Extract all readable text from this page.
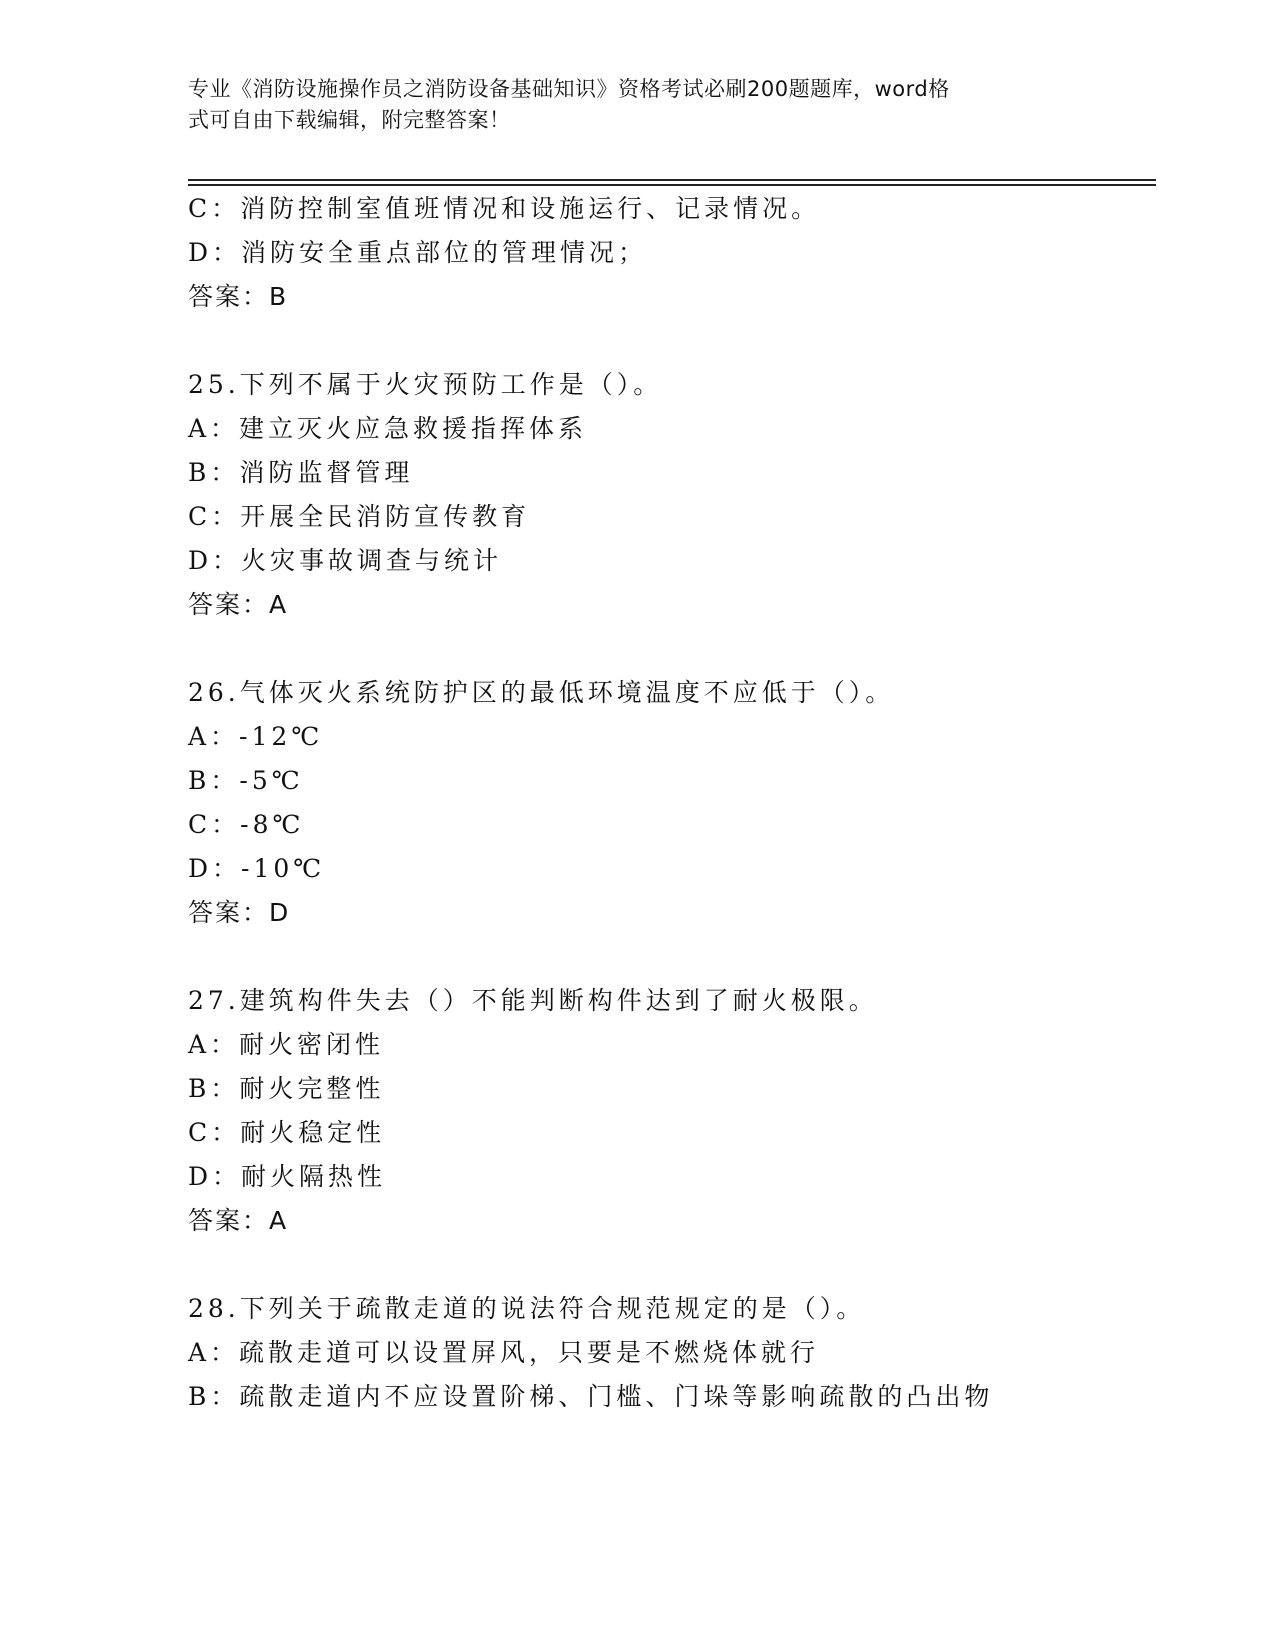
专业《消防设施操作员之消防设备基础知识》资格考试必刷200题题库，word格
式可自由下载编辑，附完整答案！
C：消防控制室值班情况和设施运行、记录情况。
D：消防安全重点部位的管理情况；
答案：B
25.下列不属于火灾预防工作是（）。
A：建立灭火应急救援指挥体系
B：消防监督管理
C：开展全民消防宣传教育
D：火灾事故调查与统计
答案：A
26.气体灭火系统防护区的最低环境温度不应低于（）。
A：-12℃
B：-5℃
C：-8℃
D：-10℃
答案：D
27.建筑构件失去（）不能判断构件达到了耐火极限。
A：耐火密闭性
B：耐火完整性
C：耐火稳定性
D：耐火隔热性
答案：A
28.下列关于疏散走道的说法符合规范规定的是（）。
A：疏散走道可以设置屏风，只要是不燃烧体就行
B：疏散走道内不应设置阶梯、门槛、门垛等影响疏散的凸出物
